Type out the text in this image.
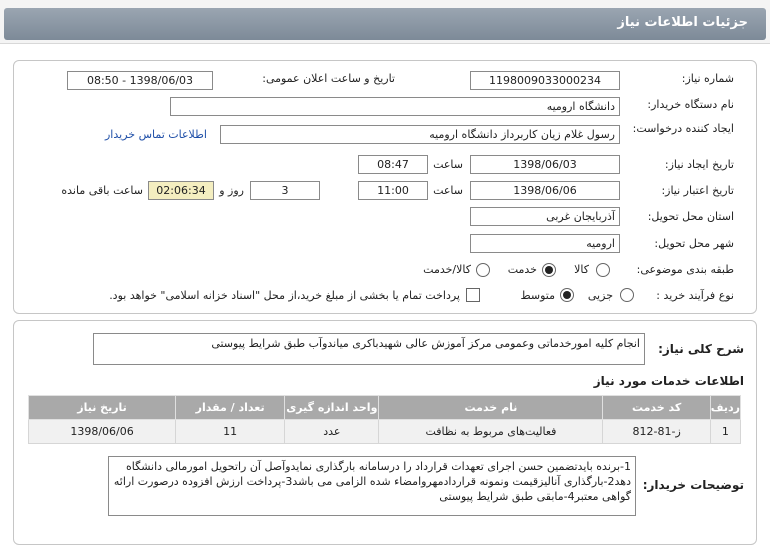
جزئیات اطلاعات نیاز
شماره نیاز:
1198009033000234
تاریخ و ساعت اعلان عمومی:
1398/06/03 - 08:50
نام دستگاه خریدار:
دانشگاه ارومیه
ایجاد کننده درخواست:
رسول غلام زیان کاربرداز دانشگاه ارومیه
اطلاعات تماس خریدار
تاریخ ایجاد نیاز:
1398/06/03
ساعت
08:47
تاریخ اعتبار نیاز:
1398/06/06
ساعت
11:00
3
روز و
02:06:34
ساعت باقی مانده
استان محل تحویل:
آذربایجان غربی
شهر محل تحویل:
ارومیه
طبقه بندی موضوعی:
کالا
خدمت
کالا/خدمت
نوع فرآیند خرید :
جزیی
متوسط
پرداخت تمام یا بخشی از مبلغ خرید،از محل "اسناد خزانه اسلامی" خواهد بود.
شرح کلی نیاز:
انجام کلیه امورخدماتی وعمومی مرکز آموزش عالی شهیدباکری میاندوآب طبق شرایط پیوستی
اطلاعات خدمات مورد نیاز
ردیف	کد خدمت	نام خدمت	واحد اندازه گیری	تعداد / مقدار	تاریخ نیاز
1	ز-81-812	فعالیت‌های مربوط به نظافت	عدد	11	1398/06/06
توضیحات خریدار:
1-برنده بایدتضمین حسن اجرای تعهدات قرارداد را درسامانه بارگذاری نمایدوآصل آن راتحویل امورمالی دانشگاه دهد2-بارگذاری آنالیزقیمت ونمونه قراردادمهروامضاء شده الزامی می باشد3-پرداخت ارزش افزوده درصورت ارائه گواهی معتبر4-مابقی طبق شرایط پیوستی
